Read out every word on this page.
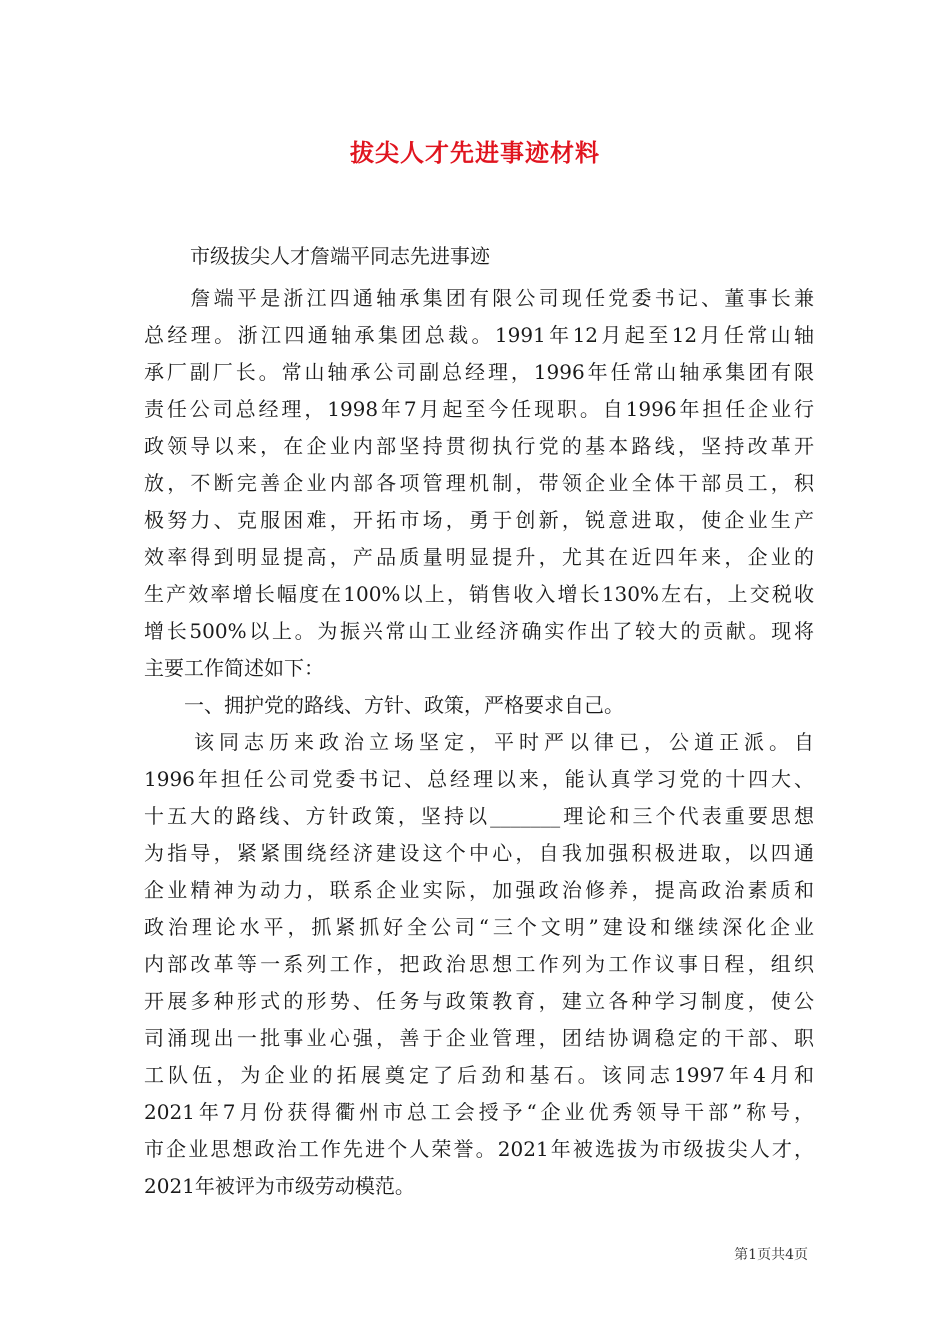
拔尖人才先进事迹材料

市级拔尖人才詹端平同志先进事迹

　　詹端平是浙江四通轴承集团有限公司现任党委书记、董事长兼
总经理。浙江四通轴承集团总裁。1991年12月起至12月任常山轴
承厂副厂长。常山轴承公司副总经理，1996年任常山轴承集团有限
责任公司总经理，1998年7月起至今任现职。自1996年担任企业行
政领导以来，在企业内部坚持贯彻执行党的基本路线，坚持改革开
放，不断完善企业内部各项管理机制，带领企业全体干部员工，积
极努力、克服困难，开拓市场，勇于创新，锐意进取，使企业生产
效率得到明显提高，产品质量明显提升，尤其在近四年来，企业的
生产效率增长幅度在100%以上，销售收入增长130%左右，上交税收
增长500%以上。为振兴常山工业经济确实作出了较大的贡献。现将
主要工作简述如下：
　　一、拥护党的路线、方针、政策，严格要求自己。
　　该同志历来政治立场坚定，平时严以律已，公道正派。自
1996年担任公司党委书记、总经理以来，能认真学习党的十四大、
十五大的路线、方针政策，坚持以_______理论和三个代表重要思想
为指导，紧紧围绕经济建设这个中心，自我加强积极进取，以四通
企业精神为动力，联系企业实际，加强政治修养，提高政治素质和
政治理论水平，抓紧抓好全公司“三个文明”建设和继续深化企业
内部改革等一系列工作，把政治思想工作列为工作议事日程，组织
开展多种形式的形势、任务与政策教育，建立各种学习制度，使公
司涌现出一批事业心强，善于企业管理，团结协调稳定的干部、职
工队伍，为企业的拓展奠定了后劲和基石。该同志1997年4月和
2021年7月份获得衢州市总工会授予“企业优秀领导干部”称号，
市企业思想政治工作先进个人荣誉。2021年被选拔为市级拔尖人才，
2021年被评为市级劳动模范。

第1页共4页
